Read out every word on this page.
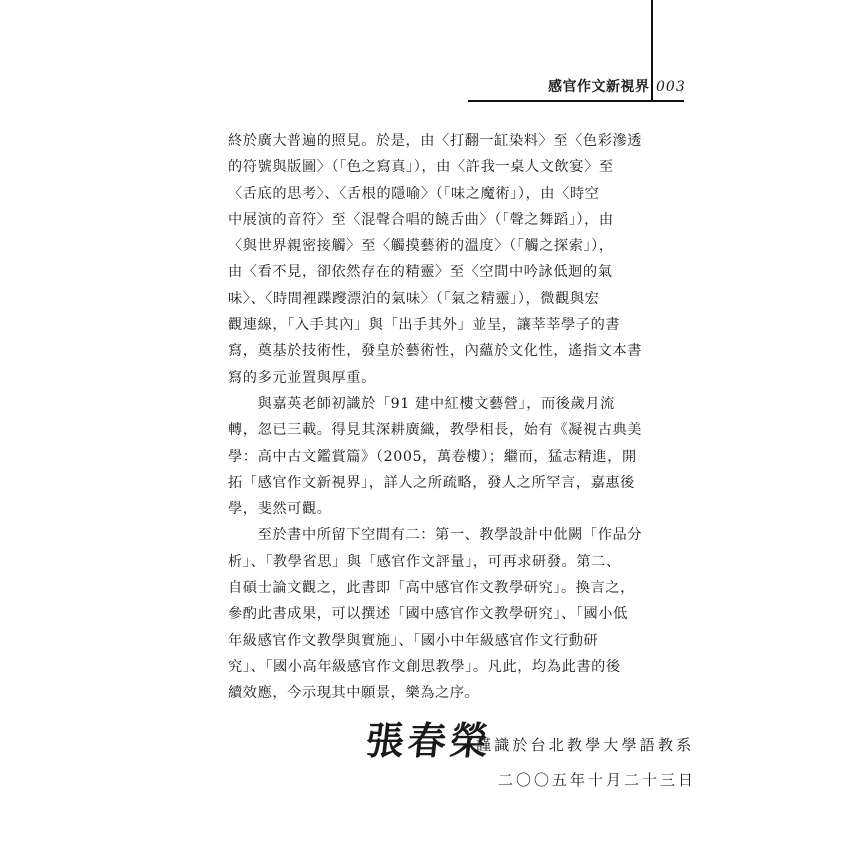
感官作文新視界 003
終於廣大普遍的照見。於是，由〈打翻一缸染料〉至〈色彩滲透
的符號與版圖〉（「色之寫真」），由〈許我一桌人文飲宴〉至
〈舌底的思考〉、〈舌根的隱喻〉（「味之魔術」），由〈時空
中展演的音符〉至〈混聲合唱的饒舌曲〉（「聲之舞蹈」），由
〈與世界親密接觸〉至〈觸摸藝術的溫度〉（「觸之探索」），
由〈看不見，卻依然存在的精靈〉至〈空間中吟詠低迴的氣
味〉、〈時間裡蹀躞漂泊的氣味〉（「氣之精靈」），微觀與宏
觀連線，「入手其內」與「出手其外」並呈，讓莘莘學子的書
寫，奠基於技術性，發皇於藝術性，內蘊於文化性，遙指文本書
寫的多元並置與厚重。
　　與嘉英老師初識於「91 建中紅樓文藝營」，而後歲月流
轉，忽已三載。得見其深耕廣織，教學相長，始有《凝視古典美
學：高中古文鑑賞篇》（2005，萬卷樓）；繼而，猛志精進，開
拓「感官作文新視界」，詳人之所疏略，發人之所罕言，嘉惠後
學，斐然可觀。
　　至於書中所留下空間有二：第一、教學設計中仳闕「作品分
析」、「教學省思」與「感官作文評量」，可再求研發。第二、
自碩士論文觀之，此書即「高中感官作文教學研究」。換言之，
參酌此書成果，可以撰述「國中感官作文教學研究」、「國小低
年級感官作文教學與實施」、「國小中年級感官作文行動研
究」、「國小高年級感官作文創思教學」。凡此，均為此書的後
續效應，今示現其中願景，樂為之序。
張春榮
謹識於台北教學大學語教系
二〇〇五年十月二十三日
